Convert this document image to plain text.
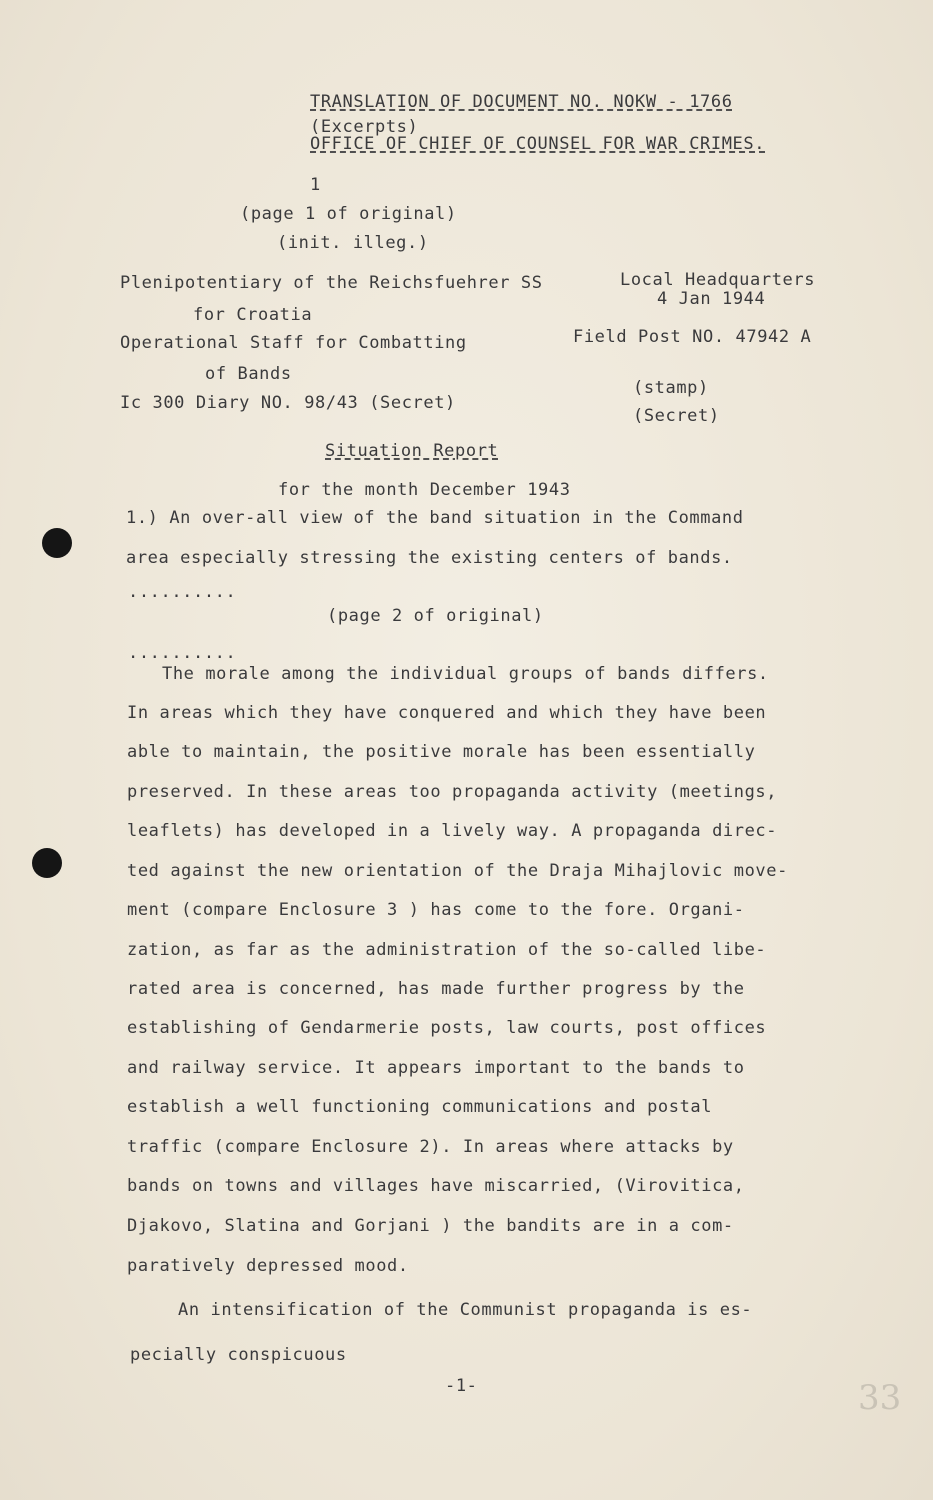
TRANSLATION OF DOCUMENT NO. NOKW - 1766
(Excerpts)
OFFICE OF CHIEF OF COUNSEL FOR WAR CRIMES.
1
(page 1 of original)
(init. illeg.)
Plenipotentiary of the Reichsfuehrer SS
for Croatia
Operational Staff for Combatting
of Bands
Ic 300 Diary NO. 98/43 (Secret)
Local Headquarters
4 Jan 1944
Field Post NO. 47942 A
(stamp)
(Secret)
Situation Report
for the month December 1943
1.) An over-all view of the band situation in the Command
area especially stressing the existing centers of bands.
..........
(page 2 of original)
..........
The morale among the individual groups of bands differs.
In areas which they have conquered and which they have been
able to maintain, the positive morale has been essentially
preserved. In these areas too propaganda activity (meetings,
leaflets) has developed in a lively way. A propaganda direc-
ted against the new orientation of the Draja Mihajlovic move-
ment (compare Enclosure 3 ) has come to the fore. Organi-
zation, as far as the administration of the so-called libe-
rated area is concerned, has made further progress by the
establishing of Gendarmerie posts, law courts, post offices
and railway service. It appears important to the bands to
establish a well functioning communications and postal
traffic (compare Enclosure 2). In areas where attacks by
bands on towns and villages have miscarried, (Virovitica,
Djakovo, Slatina and Gorjani ) the bandits are in a com-
paratively depressed mood.
An intensification of the Communist propaganda is es-
pecially conspicuous
-1-	33
